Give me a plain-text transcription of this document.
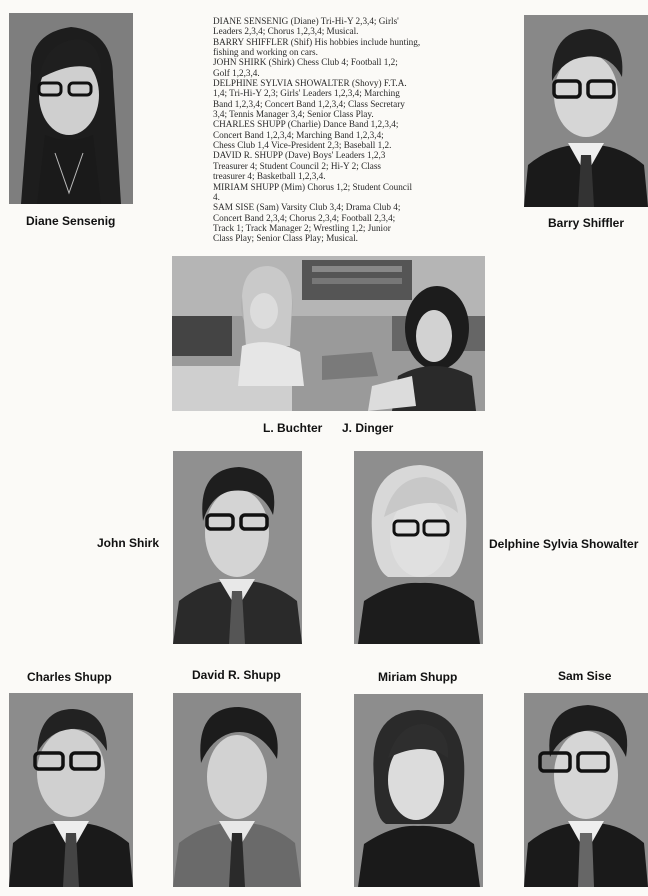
DIANE SENSENIG (Diane) Tri-Hi-Y 2,3,4; Girls'
Leaders 2,3,4; Chorus 1,2,3,4; Musical.
BARRY SHIFFLER (Shif) His hobbies include hunting,
fishing and working on cars.
JOHN SHIRK (Shirk) Chess Club 4; Football 1,2;
Golf 1,2,3,4.
DELPHINE SYLVIA SHOWALTER (Shovy) F.T.A.
1,4; Tri-Hi-Y 2,3; Girls' Leaders 1,2,3,4; Marching
Band 1,2,3,4; Concert Band 1,2,3,4; Class Secretary
3,4; Tennis Manager 3,4; Senior Class Play.
CHARLES SHUPP (Charlie) Dance Band 1,2,3,4;
Concert Band 1,2,3,4; Marching Band 1,2,3,4;
Chess Club 1,4 Vice-President 2,3; Baseball 1,2.
DAVID R. SHUPP (Dave) Boys' Leaders 1,2,3
Treasurer 4; Student Council 2; Hi-Y 2; Class
treasurer 4; Basketball 1,2,3,4.
MIRIAM SHUPP (Mim) Chorus 1,2; Student Council
4.
SAM SISE (Sam) Varsity Club 3,4; Drama Club 4;
Concert Band 2,3,4; Chorus 2,3,4; Football 2,3,4;
Track 1; Track Manager 2; Wrestling 1,2; Junior
Class Play; Senior Class Play; Musical.
Diane Sensenig	Barry Shiffler
L. Buchter J. Dinger
John Shirk	Delphine Sylvia Showalter
Charles Shupp	David R. Shupp	Miriam Shupp	Sam Sise
